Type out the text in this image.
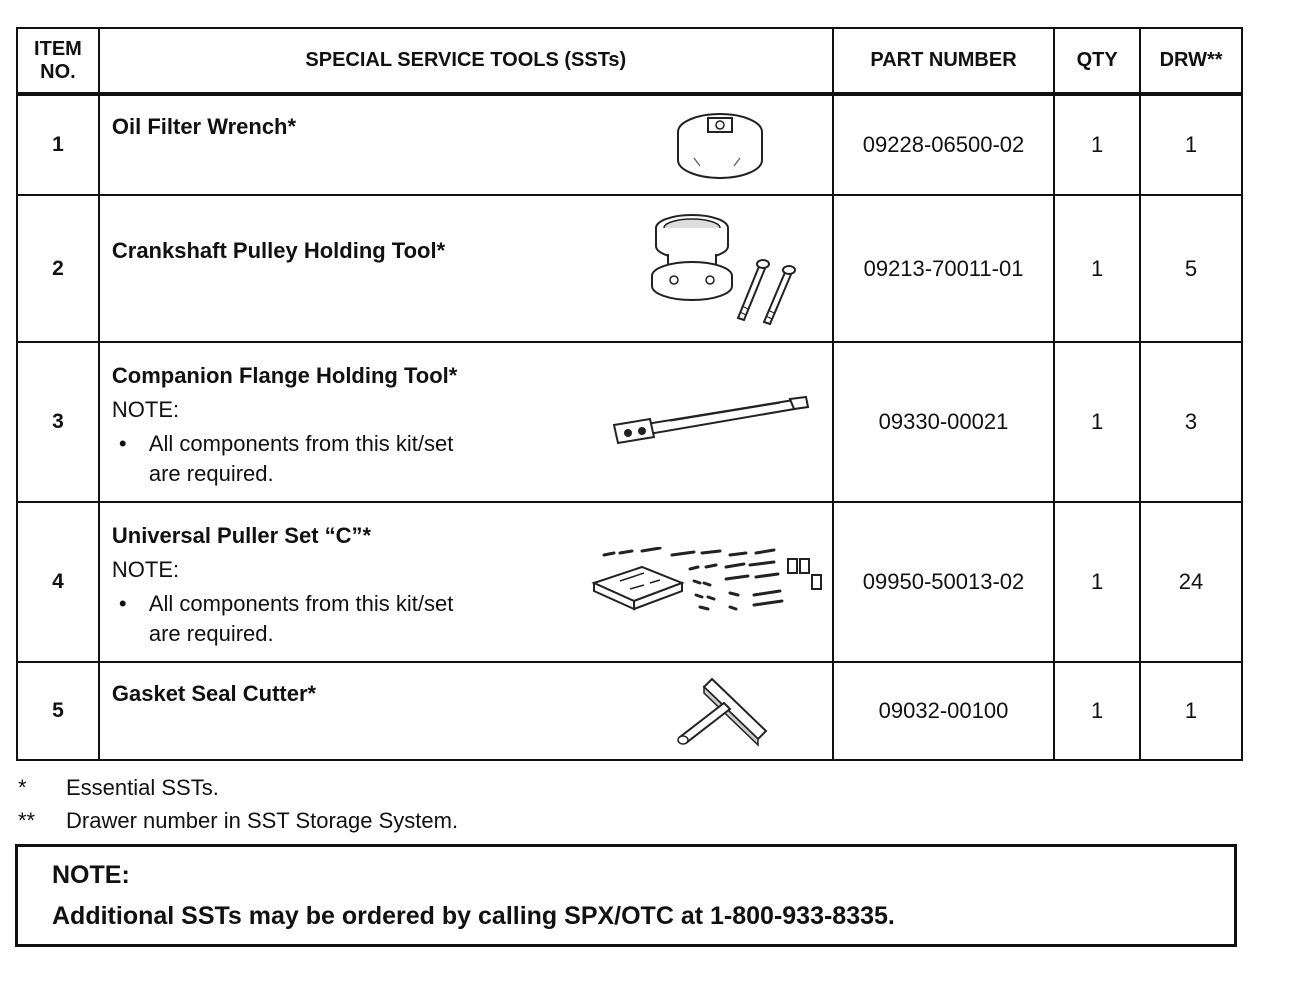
ITEM
NO.	SPECIAL SERVICE TOOLS (SSTs)	PART NUMBER	QTY	DRW**
1	Oil Filter Wrench*	09228-06500-02	1	1
2	Crankshaft Pulley Holding Tool*	09213-70011-01	1	5
3	Companion Flange Holding Tool*
NOTE:
• All components from this kit/set
are required.	09330-00021	1	3
4	Universal Puller Set “C”*
NOTE:
• All components from this kit/set
are required.	09950-50013-02	1	24
5	Gasket Seal Cutter*	09032-00100	1	1
*	Essential SSTs.
**	Drawer number in SST Storage System.
NOTE:
Additional SSTs may be ordered by calling SPX/OTC at 1-800-933-8335.
